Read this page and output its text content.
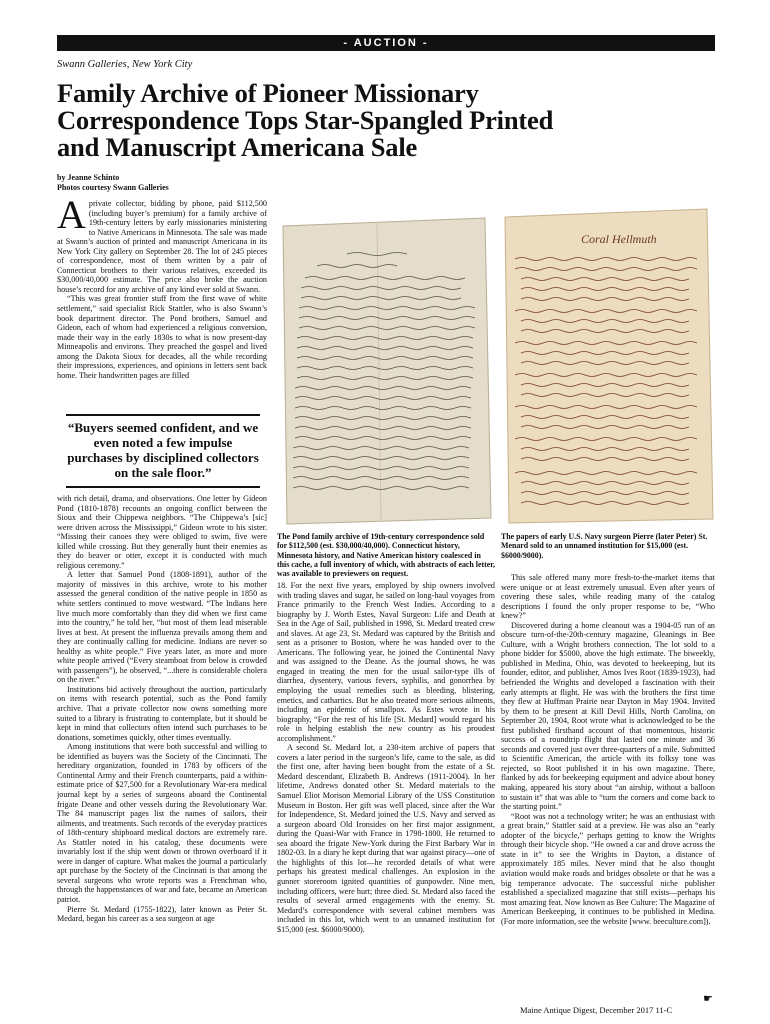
- AUCTION -
Swann Galleries, New York City
Family Archive of Pioneer Missionary Correspondence Tops Star-Spangled Printed and Manuscript Americana Sale
by Jeanne Schinto
Photos courtesy Swann Galleries

Aprivate collector, bidding by phone, paid $112,500 (including buyer’s premium) for a family archive of 19th-century letters by early missionaries ministering to Native Americans in Minnesota. The sale was made at Swann’s auction of printed and manuscript Americana in its New York City gallery on September 28. The lot of 245 pieces of correspondence, most of them written by a pair of Connecticut brothers to their various relatives, exceeded its $30,000/40,000 estimate. The price also broke the auction house’s record for any archive of any kind ever sold at Swann.

“This was great frontier stuff from the first wave of white settlement,” said specialist Rick Stattler, who is also Swann’s book department director. The Pond brothers, Samuel and Gideon, each of whom had experienced a religious conversion, made their way in the early 1830s to what is now present-day Minneapolis and environs. They preached the gospel and lived among the Dakota Sioux for decades, all the while recording their impressions, experiences, and opinions in letters sent back home. Their handwritten pages are filled

“Buyers seemed confident, and we even noted a few impulse purchases by disciplined collectors on the sale floor.”

with rich detail, drama, and observations. One letter by Gideon Pond (1810-1878) recounts an ongoing conflict between the Sioux and their Chippewa neighbors. “The Chippewa’s [sic] were driven across the Mississippi,” Gideon wrote to his sister. “Missing their canoes they were obliged to swim, five were killed while crossing. But they generally hunt their enemies as they do beaver or otter, except it is conducted with much religious ceremony.”

A letter that Samuel Pond (1808-1891), author of the majority of missives in this archive, wrote to his mother assessed the general condition of the native people in 1850 as white settlers continued to move westward. “The Indians here live much more comfortably than they did when we first came into the country,” he told her, “but most of them lead miserable lives at best. At present the influenza prevails among them and they are continually calling for medicine. Indians are never so healthy as white people.” Five years later, as more and more white people arrived (“Every steamboat from below is crowded with passengers”), he observed, “...there is considerable cholera on the river.”

Institutions bid actively throughout the auction, particularly on items with research potential, such as the Pond family archive. That a private collector now owns something more suited to a library is frustrating to contemplate, but it should be kept in mind that collectors often intend such purchases to be donations, sometimes quickly, other times eventually.

Among institutions that were both successful and willing to be identified as buyers was the Society of the Cincinnati. The hereditary organization, founded in 1783 by officers of the Continental Army and their French counterparts, paid a within-estimate price of $27,500 for a Revolutionary War-era medical journal kept by a series of surgeons aboard the Continental frigate Deane and other vessels during the Revolutionary War. The 84 manuscript pages list the names of sailors, their ailments, and treatments. Such records of the everyday practices of 18th-century shipboard medical doctors are extremely rare. As Stattler noted in his catalog, these documents were invariably lost if the ship went down or thrown overboard if it were in danger of capture. What makes the journal a particularly apt purchase by the Society of the Cincinnati is that among the several surgeons who wrote reports was a Frenchman who, through the happenstances of war and fate, became an American patriot.

Pierre St. Medard (1755-1822), later known as Peter St. Medard, began his career as a sea surgeon at age

The Pond family archive of 19th-century correspondence sold for $112,500 (est. $30,000/40,000). Connecticut history, Minnesota history, and Native American history coalesced in this cache, a full inventory of which, with abstracts of each letter, was available to previewers on request.
Coral Hellmuth
The papers of early U.S. Navy surgeon Pierre (later Peter) St. Menard sold to an unnamed institution for $15,000 (est. $6000/9000).

18. For the next five years, employed by ship owners involved with trading slaves and sugar, he sailed on long-haul voyages from France primarily to the French West Indies. According to a biography by J. Worth Estes, Naval Surgeon: Life and Death at Sea in the Age of Sail, published in 1998, St. Medard treated crew and slaves. At age 23, St. Medard was captured by the British and sent as a prisoner to Boston, where he was handed over to the Americans. The following year, he joined the Continental Navy and was assigned to the Deane. As the journal shows, he was engaged in treating the men for the usual sailor-type ills of diarrhea, dysentery, various fevers, syphilis, and gonorrhea by employing the usual remedies such as bleeding, blistering, emetics, and cathartics. But he also treated more serious ailments, including an epidemic of smallpox. As Estes wrote in his biography, “For the rest of his life [St. Medard] would regard his role in helping establish the new country as his proudest accomplishment.”

A second St. Medard lot, a 230-item archive of papers that covers a later period in the surgeon’s life, came to the sale, as did the first one, after having been bought from the estate of a St. Medard descendant, Elizabeth B. Andrews (1911-2004). In her lifetime, Andrews donated other St. Medard materials to the Samuel Eliot Morison Memorial Library of the USS Constitution Museum in Boston. Her gift was well placed, since after the War for Independence, St. Medard joined the U.S. Navy and served as a surgeon aboard Old Ironsides on her first major assignment, during the Quasi-War with France in 1798-1800. He returned to sea aboard the frigate New-York during the First Barbary War in 1802-03. In a diary he kept during that war against piracy—one of the highlights of this lot—he recorded details of what were perhaps his greatest medical challenges. An explosion in the gunner storeroom ignited quantities of gunpowder. Nine men, including officers, were hurt; three died. St. Medard also faced the results of several armed engagements with the enemy. St. Medard’s correspondence with several cabinet members was included in this lot, which went to an unnamed institution for $15,000 (est. $6000/9000).

This sale offered many more fresh-to-the-market items that were unique or at least extremely unusual. Even after years of covering these sales, while reading many of the catalog descriptions I found the only proper response to be, “Who knew?”

Discovered during a home cleanout was a 1904-05 run of an obscure turn-of-the-20th-century magazine, Gleanings in Bee Culture, with a Wright brothers connection. The lot sold to a phone bidder for $5000, above the high estimate. The biweekly, published in Medina, Ohio, was devoted to beekeeping, but its founder, editor, and publisher, Amos Ives Root (1839-1923), had befriended the Wrights and developed a fascination with their early attempts at flight. He was with the brothers the first time they flew at Huffman Prairie near Dayton in May 1904. Invited by them to be present at Kill Devil Hills, North Carolina, on September 20, 1904, Root wrote what is acknowledged to be the first published firsthand account of that momentous, historic success of a roundtrip flight that lasted one minute and 36 seconds and covered just over three-quarters of a mile. Submitted to Scientific American, the article with its folksy tone was rejected, so Root published it in his own magazine. There, flanked by ads for beekeeping equipment and advice about honey making, appeared his story about “an airship, without a balloon to sustain it” that was able to “turn the corners and come back to the starting point.”

“Root was not a technology writer; he was an enthusiast with a great brain,” Stattler said at a preview. He was also an “early adopter of the bicycle,” perhaps getting to know the Wrights through their bicycle shop. “He owned a car and drove across the state in it” to see the Wrights in Dayton, a distance of approximately 185 miles. Never mind that he also thought aviation would make roads and bridges obsolete or that he was a big temperance advocate. The successful niche publisher established a specialized magazine that still exists—perhaps his most amazing feat. Now known as Bee Culture: The Magazine of American Beekeeping, it continues to be published in Medina. (For more information, see the website [www. beeculture.com]).

☛
Maine Antique Digest, December 2017 11-C
